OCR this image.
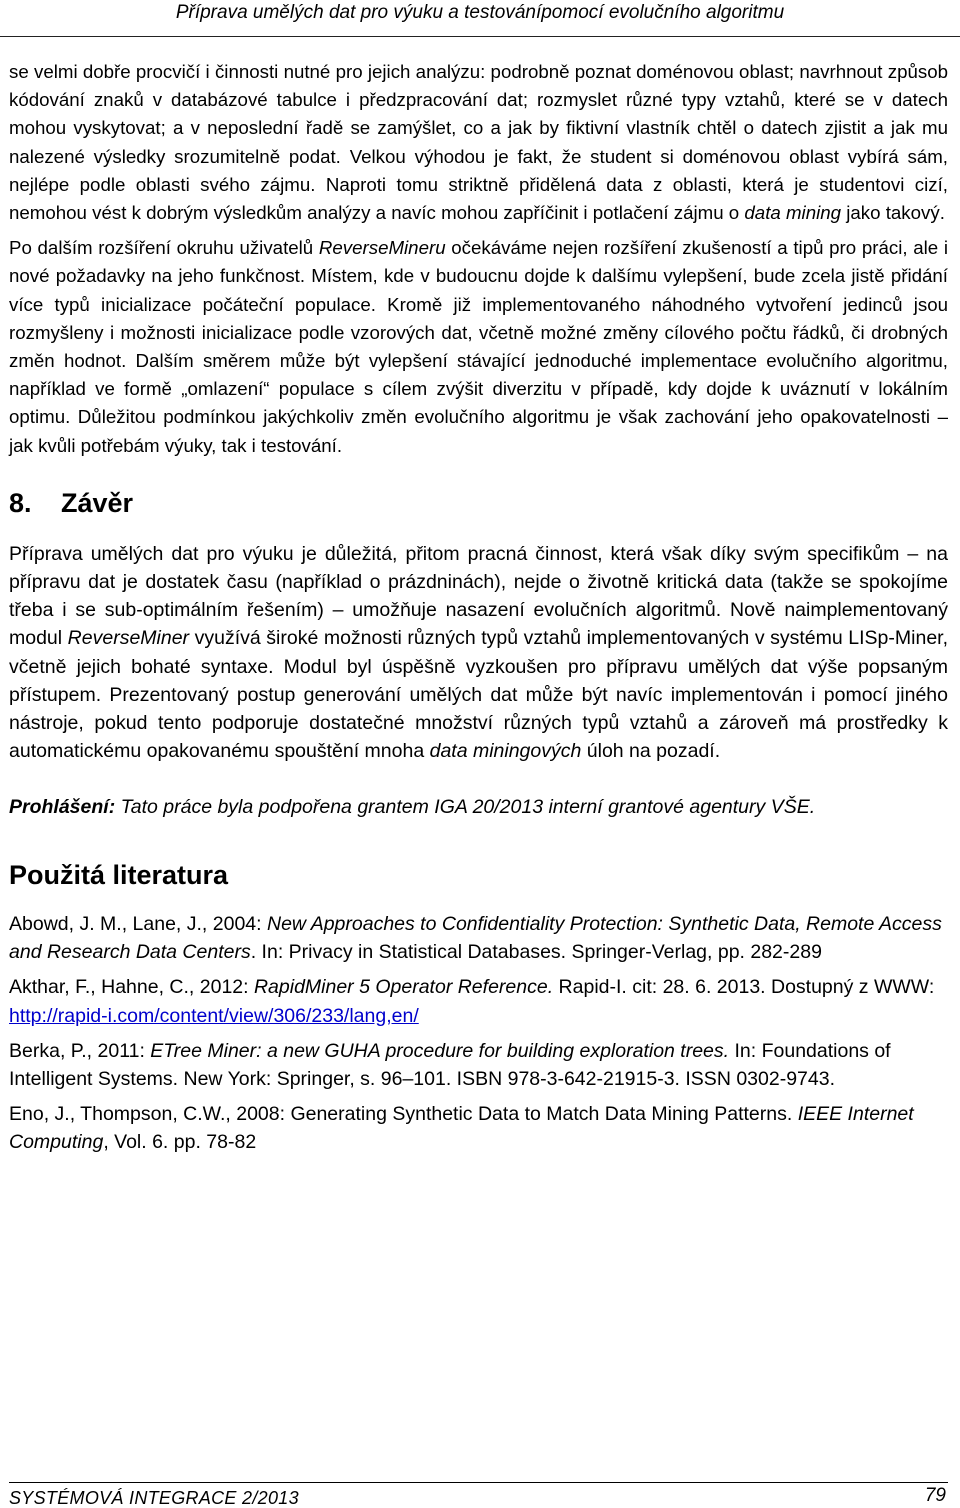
Příprava umělých dat pro výuku a testovánípomocí evolučního algoritmu

se velmi dobře procvičí i činnosti nutné pro jejich analýzu: podrobně poznat doménovou oblast; navrhnout způsob kódování znaků v databázové tabulce i předzpracování dat; rozmyslet různé typy vztahů, které se v datech mohou vyskytovat; a v neposlední řadě se zamýšlet, co a jak by fiktivní vlastník chtěl o datech zjistit a jak mu nalezené výsledky srozumitelně podat. Velkou výhodou je fakt, že student si doménovou oblast vybírá sám, nejlépe podle oblasti svého zájmu. Naproti tomu striktně přidělená data z oblasti, která je studentovi cizí, nemohou vést k dobrým výsledkům analýzy a navíc mohou zapříčinit i potlačení zájmu o data mining jako takový.

Po dalším rozšíření okruhu uživatelů ReverseMineru očekáváme nejen rozšíření zkušeností a tipů pro práci, ale i nové požadavky na jeho funkčnost. Místem, kde v budoucnu dojde k dalšímu vylepšení, bude zcela jistě přidání více typů inicializace počáteční populace. Kromě již implementovaného náhodného vytvoření jedinců jsou rozmyšleny i možnosti inicializace podle vzorových dat, včetně možné změny cílového počtu řádků, či drobných změn hodnot. Dalším směrem může být vylepšení stávající jednoduché implementace evolučního algoritmu, například ve formě „omlazení“ populace s cílem zvýšit diverzitu v případě, kdy dojde k uváznutí v lokálním optimu. Důležitou podmínkou jakýchkoliv změn evolučního algoritmu je však zachování jeho opakovatelnosti – jak kvůli potřebám výuky, tak i testování.

8. Závěr

Příprava umělých dat pro výuku je důležitá, přitom pracná činnost, která však díky svým specifikům – na přípravu dat je dostatek času (například o prázdninách), nejde o životně kritická data (takže se spokojíme třeba i se sub-optimálním řešením) – umožňuje nasazení evolučních algoritmů. Nově naimplementovaný modul ReverseMiner využívá široké možnosti různých typů vztahů implementovaných v systému LISp-Miner, včetně jejich bohaté syntaxe. Modul byl úspěšně vyzkoušen pro přípravu umělých dat výše popsaným přístupem. Prezentovaný postup generování umělých dat může být navíc implementován i pomocí jiného nástroje, pokud tento podporuje dostatečné množství různých typů vztahů a zároveň má prostředky k automatickému opakovanému spouštění mnoha data miningových úloh na pozadí.

Prohlášení: Tato práce byla podpořena grantem IGA 20/2013 interní grantové agentury VŠE.

Použitá literatura

Abowd, J. M., Lane, J., 2004: New Approaches to Confidentiality Protection: Synthetic Data, Remote Access and Research Data Centers. In: Privacy in Statistical Databases. Springer-Verlag, pp. 282-289

Akthar, F., Hahne, C., 2012: RapidMiner 5 Operator Reference. Rapid-I. cit: 28. 6. 2013. Dostupný z WWW: http://rapid-i.com/content/view/306/233/lang,en/

Berka, P., 2011: ETree Miner: a new GUHA procedure for building exploration trees. In: Foundations of Intelligent Systems. New York: Springer, s. 96–101. ISBN 978-3-642-21915-3. ISSN 0302-9743.

Eno, J., Thompson, C.W., 2008: Generating Synthetic Data to Match Data Mining Patterns. IEEE Internet Computing, Vol. 6. pp. 78-82

SYSTÉMOVÁ INTEGRACE 2/2013	79
